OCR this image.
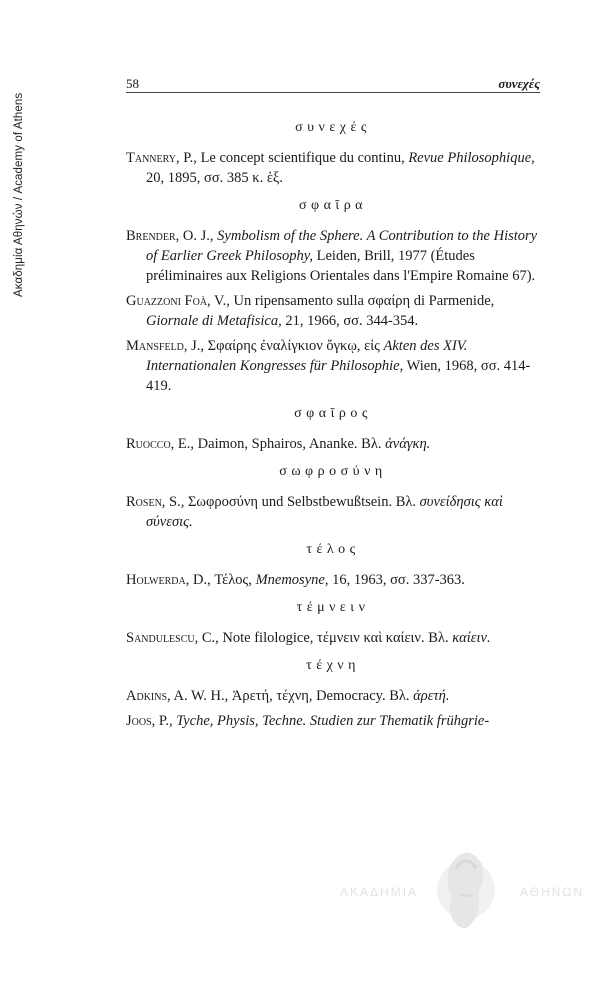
Ακαδημία Αθηνών / Academy of Athens
58	συνεχές
συνεχές
Tannery, P., Le concept scientifique du continu, Revue Philosophique, 20, 1895, σσ. 385 κ. ἑξ.
σφαῖρα
Brender, O. J., Symbolism of the Sphere. A Contribution to the History of Earlier Greek Philosophy, Leiden, Brill, 1977 (Études préliminaires aux Religions Orientales dans l'Empire Romaine 67).
Guazzoni Foà, V., Un ripensamento sulla σφαίρη di Parmenide, Giornale di Metafisica, 21, 1966, σσ. 344-354.
Mansfeld, J., Σφαίρης ἐναλίγκιον ὄγκῳ, εἰς Akten des XIV. Internationalen Kongresses für Philosophie, Wien, 1968, σσ. 414-419.
σφαῖρος
Ruocco, E., Daimon, Sphairos, Ananke. Βλ. ἀνάγκη.
σωφροσύνη
Rosen, S., Σωφροσύνη und Selbstbewußtsein. Βλ. συνείδησις καὶ σύνεσις.
τέλος
Holwerda, D., Τέλος, Mnemosyne, 16, 1963, σσ. 337-363.
τέμνειν
Sandulescu, C., Note filologice, τέμνειν καὶ καίειν. Βλ. καίειν.
τέχνη
Adkins, A. W. H., Ἀρετή, τέχνη, Democracy. Βλ. ἀρετή.
Joos, P., Tyche, Physis, Techne. Studien zur Thematik frühgrie-
ΑΚΑΔΗΜΙΑ	ΑΘΗΝΩΝ
